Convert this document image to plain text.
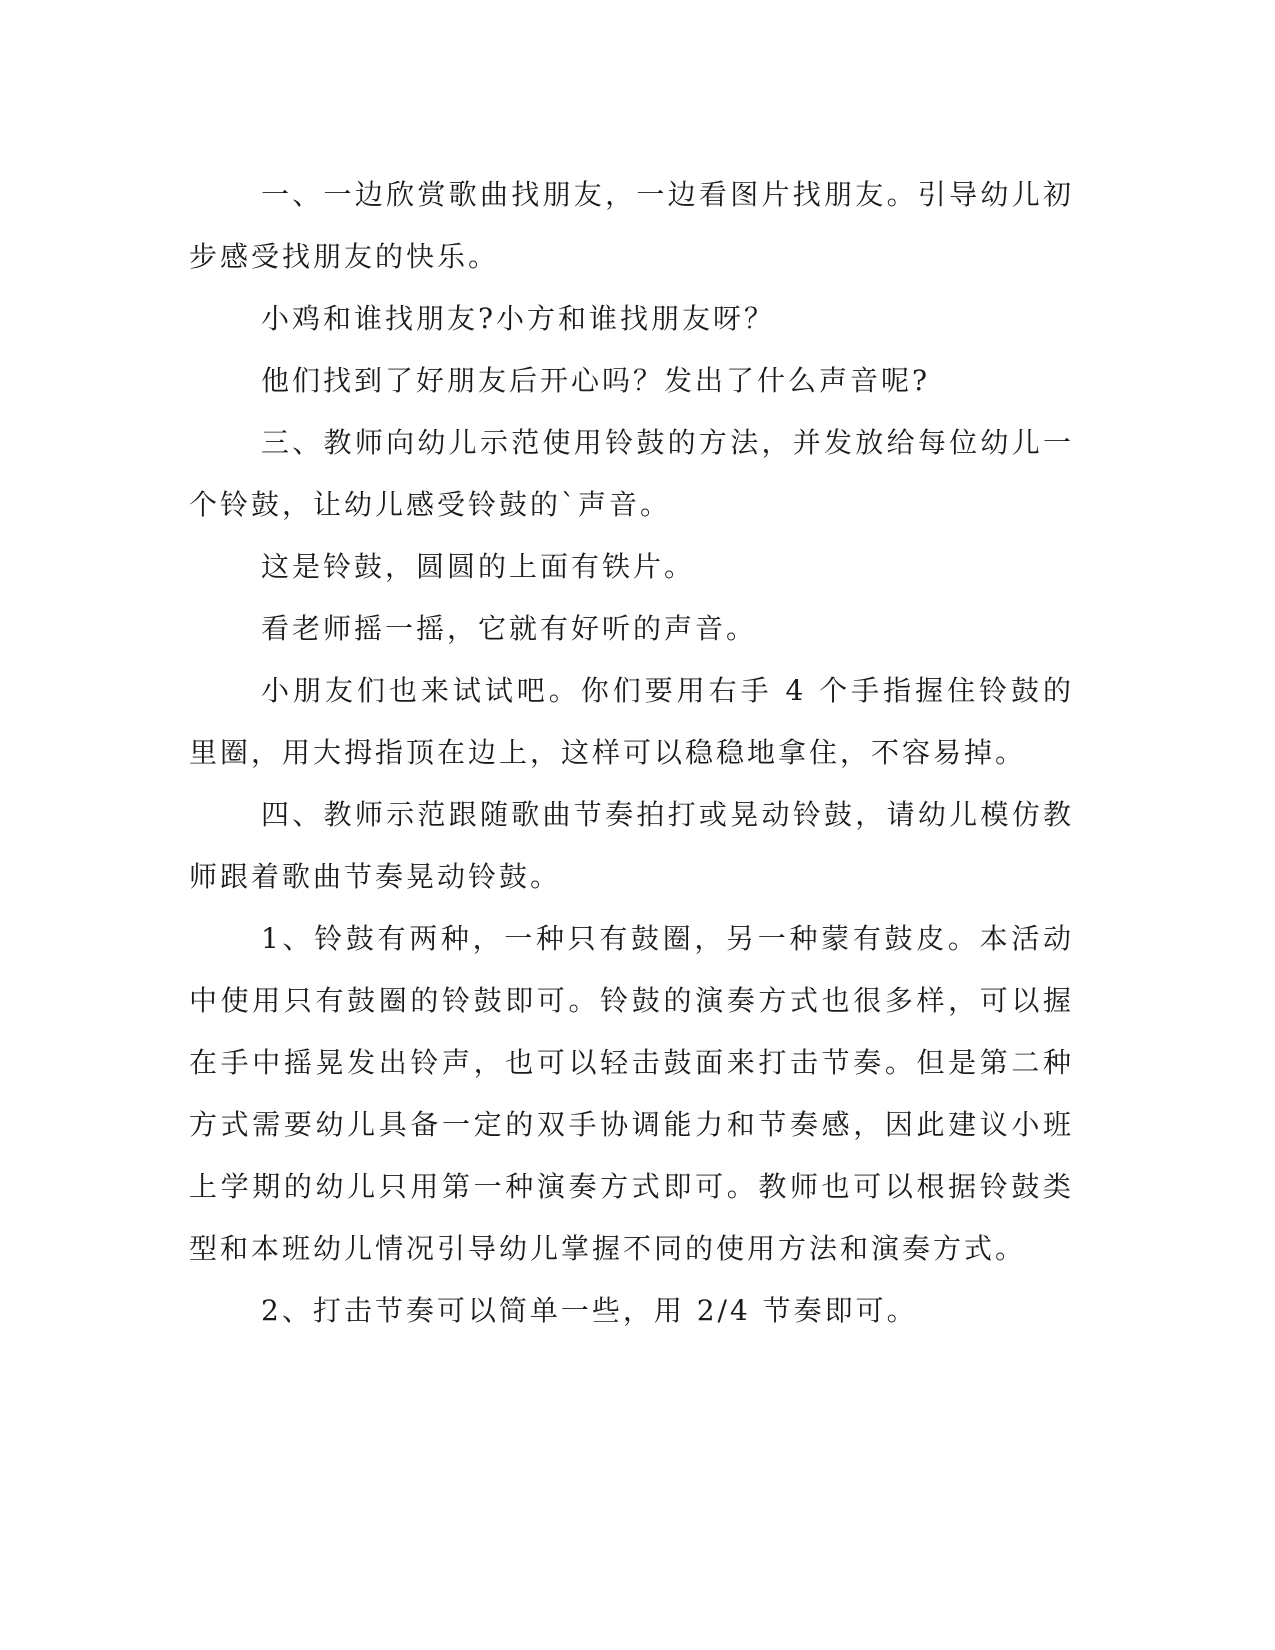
一、一边欣赏歌曲找朋友，一边看图片找朋友。引导幼儿初步感受找朋友的快乐。

小鸡和谁找朋友?小方和谁找朋友呀？

他们找到了好朋友后开心吗？发出了什么声音呢?

三、教师向幼儿示范使用铃鼓的方法，并发放给每位幼儿一个铃鼓，让幼儿感受铃鼓的`声音。

这是铃鼓，圆圆的上面有铁片。

看老师摇一摇，它就有好听的声音。

小朋友们也来试试吧。你们要用右手 4 个手指握住铃鼓的里圈，用大拇指顶在边上，这样可以稳稳地拿住，不容易掉。

四、教师示范跟随歌曲节奏拍打或晃动铃鼓，请幼儿模仿教师跟着歌曲节奏晃动铃鼓。

1、铃鼓有两种，一种只有鼓圈，另一种蒙有鼓皮。本活动中使用只有鼓圈的铃鼓即可。铃鼓的演奏方式也很多样，可以握在手中摇晃发出铃声，也可以轻击鼓面来打击节奏。但是第二种方式需要幼儿具备一定的双手协调能力和节奏感，因此建议小班上学期的幼儿只用第一种演奏方式即可。教师也可以根据铃鼓类型和本班幼儿情况引导幼儿掌握不同的使用方法和演奏方式。

2、打击节奏可以简单一些，用 2/4 节奏即可。
